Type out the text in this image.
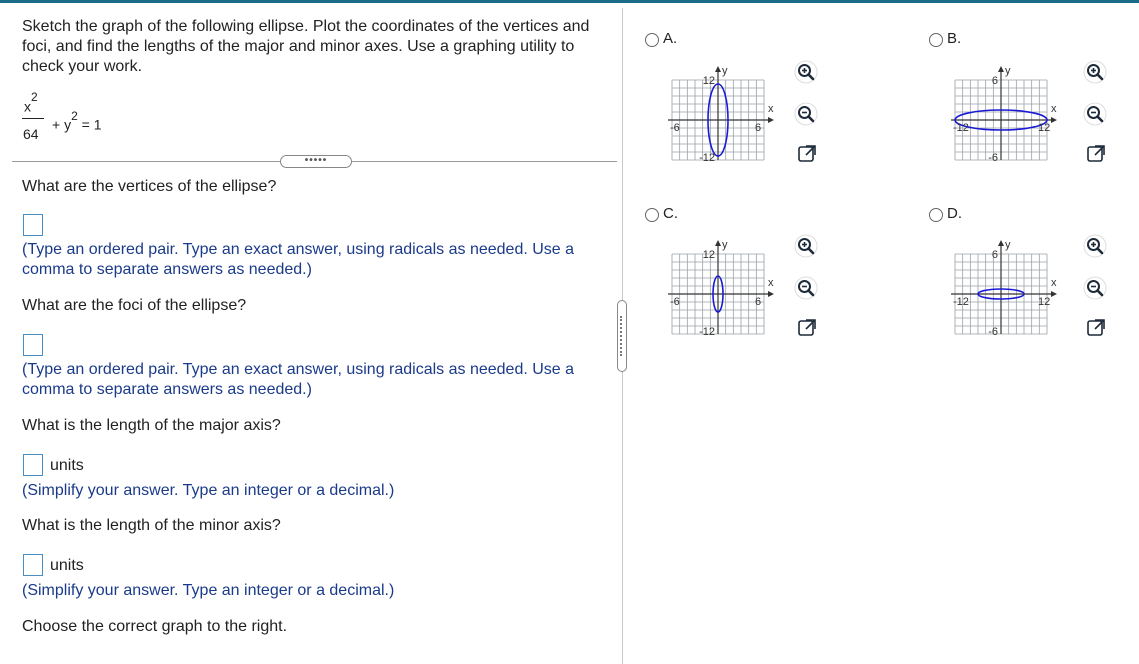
Sketch the graph of the following ellipse. Plot the coordinates of the vertices and foci, and find the lengths of the major and minor axes. Use a graphing utility to check your work.
$x^2$
64
+ $y^2 = 1$
•••••
What are the vertices of the ellipse?
(Type an ordered pair. Type an exact answer, using radicals as needed. Use a comma to separate answers as needed.)
What are the foci of the ellipse?
(Type an ordered pair. Type an exact answer, using radicals as needed. Use a comma to separate answers as needed.)
What is the length of the major axis?
units
(Simplify your answer. Type an integer or a decimal.)
What is the length of the minor axis?
units
(Simplify your answer. Type an integer or a decimal.)
Choose the correct graph to the right.
A.
y
x
12
-12
-6	6
B.
y
x
6
-6
-12	12
C.
y
x
12
-12
-6	6
D.
y
x
6
-6
-12	12
